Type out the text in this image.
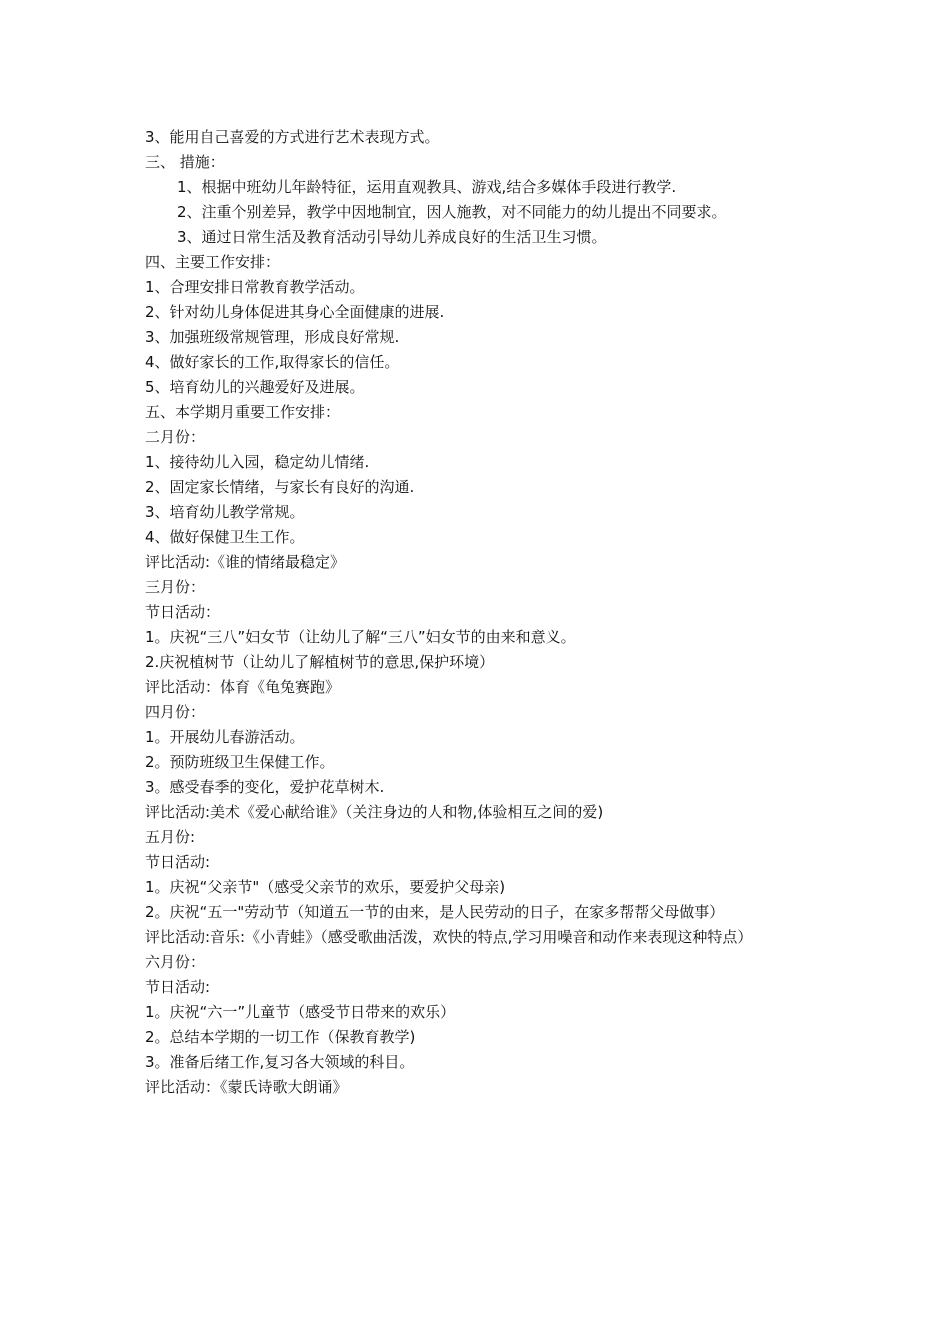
3、能用自己喜爱的方式进行艺术表现方式。
三、 措施：
1、根据中班幼儿年龄特征，运用直观教具、游戏,结合多媒体手段进行教学.
2、注重个别差异，教学中因地制宜，因人施教，对不同能力的幼儿提出不同要求。
3、通过日常生活及教育活动引导幼儿养成良好的生活卫生习惯。
四、主要工作安排：
1、合理安排日常教育教学活动。
2、针对幼儿身体促进其身心全面健康的进展.
3、加强班级常规管理，形成良好常规.
4、做好家长的工作,取得家长的信任。
5、培育幼儿的兴趣爱好及进展。
五、本学期月重要工作安排：
二月份：
1、接待幼儿入园，稳定幼儿情绪.
2、固定家长情绪，与家长有良好的沟通.
3、培育幼儿教学常规。
4、做好保健卫生工作。
评比活动:《谁的情绪最稳定》
三月份：
节日活动：
1。庆祝“三八”妇女节（让幼儿了解“三八”妇女节的由来和意义。
2.庆祝植树节（让幼儿了解植树节的意思,保护环境）
评比活动：体育《龟兔赛跑》
四月份：
1。开展幼儿春游活动。
2。预防班级卫生保健工作。
3。感受春季的变化，爱护花草树木.
评比活动:美术《爱心献给谁》（关注身边的人和物,体验相互之间的爱)
五月份:
节日活动:
1。庆祝“父亲节"（感受父亲节的欢乐，要爱护父母亲)
2。庆祝“五一"劳动节（知道五一节的由来，是人民劳动的日子，在家多帮帮父母做事）
评比活动:音乐:《小青蛙》（感受歌曲活泼，欢快的特点,学习用噪音和动作来表现这种特点）
六月份：
节日活动:
1。庆祝“六一”儿童节（感受节日带来的欢乐）
2。总结本学期的一切工作（保教育教学)
3。准备后绪工作,复习各大领域的科目。
评比活动：《蒙氏诗歌大朗诵》
